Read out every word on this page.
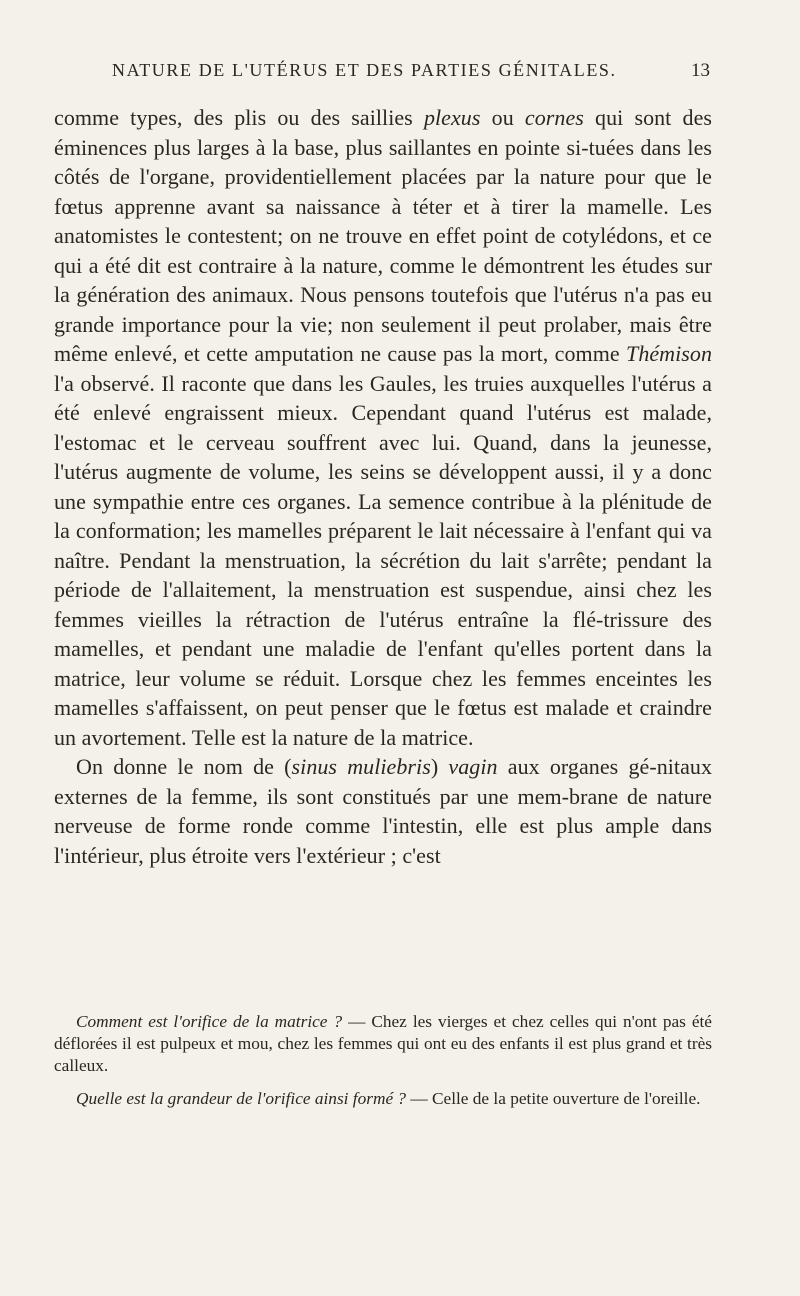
NATURE DE L'UTÉRUS ET DES PARTIES GÉNITALES.	13

comme types, des plis ou des saillies plexus ou cornes qui sont des éminences plus larges à la base, plus saillantes en pointe si-tuées dans les côtés de l'organe, providentiellement placées par la nature pour que le fœtus apprenne avant sa naissance à téter et à tirer la mamelle. Les anatomistes le contestent; on ne trouve en effet point de cotylédons, et ce qui a été dit est contraire à la nature, comme le démontrent les études sur la génération des animaux. Nous pensons toutefois que l'utérus n'a pas eu grande importance pour la vie; non seulement il peut prolaber, mais être même enlevé, et cette amputation ne cause pas la mort, comme Thémison l'a observé. Il raconte que dans les Gaules, les truies auxquelles l'utérus a été enlevé engraissent mieux. Cependant quand l'utérus est malade, l'estomac et le cerveau souffrent avec lui. Quand, dans la jeunesse, l'utérus augmente de volume, les seins se développent aussi, il y a donc une sympathie entre ces organes. La semence contribue à la plénitude de la conformation; les mamelles préparent le lait nécessaire à l'enfant qui va naître. Pendant la menstruation, la sécrétion du lait s'arrête; pendant la période de l'allaitement, la menstruation est suspendue, ainsi chez les femmes vieilles la rétraction de l'utérus entraîne la flé-trissure des mamelles, et pendant une maladie de l'enfant qu'elles portent dans la matrice, leur volume se réduit. Lorsque chez les femmes enceintes les mamelles s'affaissent, on peut penser que le fœtus est malade et craindre un avortement. Telle est la nature de la matrice.

On donne le nom de (sinus muliebris) vagin aux organes gé-nitaux externes de la femme, ils sont constitués par une mem-brane de nature nerveuse de forme ronde comme l'intestin, elle est plus ample dans l'intérieur, plus étroite vers l'extérieur ; c'est

Comment est l'orifice de la matrice ? — Chez les vierges et chez celles qui n'ont pas été déflorées il est pulpeux et mou, chez les femmes qui ont eu des enfants il est plus grand et très calleux.

Quelle est la grandeur de l'orifice ainsi formé ? — Celle de la petite ouverture de l'oreille.
